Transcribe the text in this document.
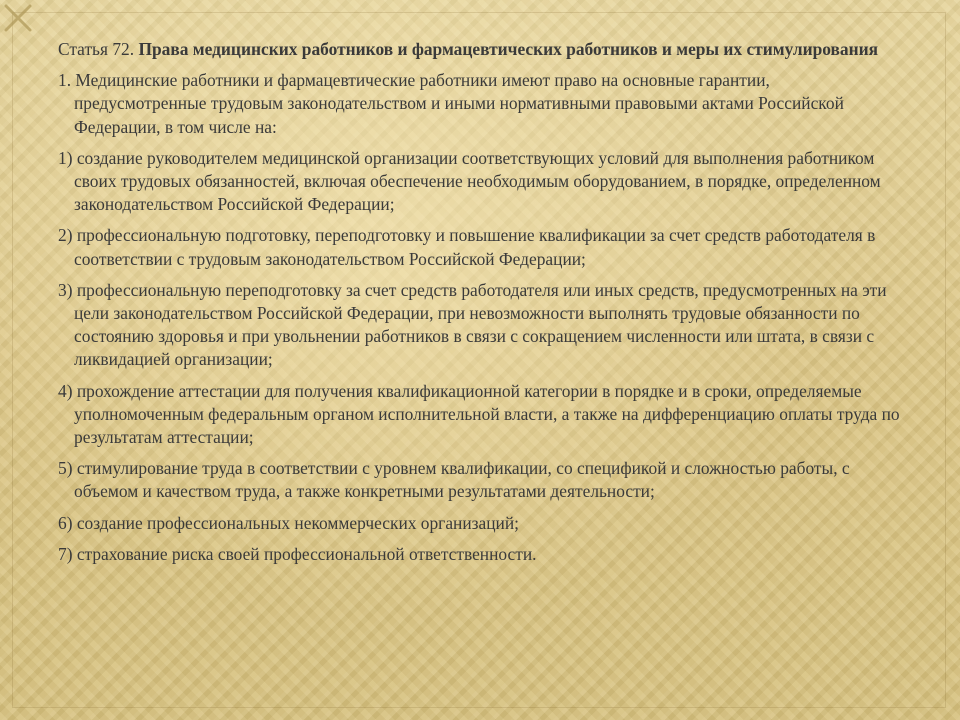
Статья 72. Права медицинских работников и фармацевтических работников и меры их стимулирования

1. Медицинские работники и фармацевтические работники имеют право на основные гарантии, предусмотренные трудовым законодательством и иными нормативными правовыми актами Российской Федерации, в том числе на:

1) создание руководителем медицинской организации соответствующих условий для выполнения работником своих трудовых обязанностей, включая обеспечение необходимым оборудованием, в порядке, определенном законодательством Российской Федерации;

2) профессиональную подготовку, переподготовку и повышение квалификации за счет средств работодателя в соответствии с трудовым законодательством Российской Федерации;

3) профессиональную переподготовку за счет средств работодателя или иных средств, предусмотренных на эти цели законодательством Российской Федерации, при невозможности выполнять трудовые обязанности по состоянию здоровья и при увольнении работников в связи с сокращением численности или штата, в связи с ликвидацией организации;

4) прохождение аттестации для получения квалификационной категории в порядке и в сроки, определяемые уполномоченным федеральным органом исполнительной власти, а также на дифференциацию оплаты труда по результатам аттестации;

5) стимулирование труда в соответствии с уровнем квалификации, со спецификой и сложностью работы, с объемом и качеством труда, а также конкретными результатами деятельности;

6) создание профессиональных некоммерческих организаций;

7) страхование риска своей профессиональной ответственности.
